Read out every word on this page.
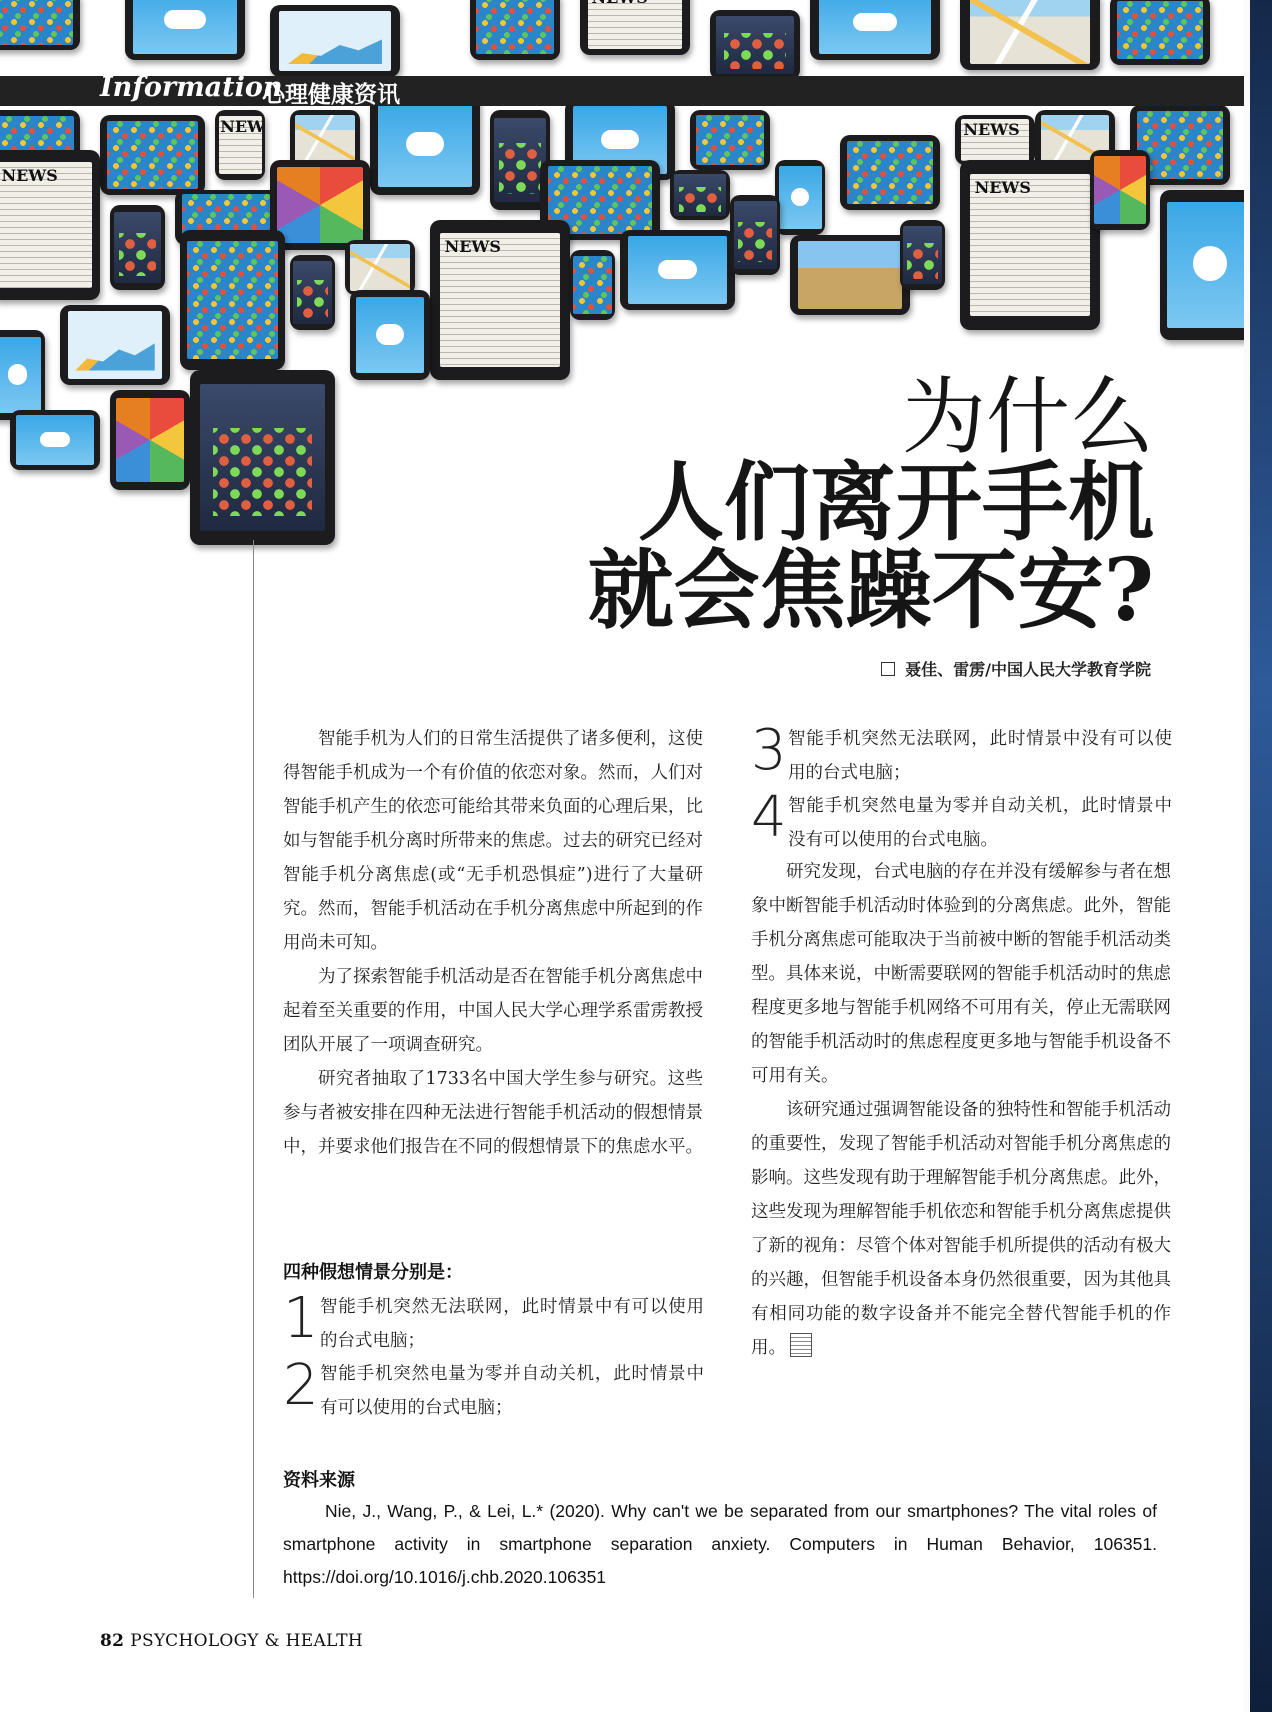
NEWS
NEWS
NEWS
NEWS
NEWS
NEWS
Information
心理健康资讯
为什么
人们离开手机
就会焦躁不安?
聂佳、雷雳/中国人民大学教育学院

智能手机为人们的日常生活提供了诸多便利，这使得智能手机成为一个有价值的依恋对象。然而，人们对智能手机产生的依恋可能给其带来负面的心理后果，比如与智能手机分离时所带来的焦虑。过去的研究已经对智能手机分离焦虑(或“无手机恐惧症”)进行了大量研究。然而，智能手机活动在手机分离焦虑中所起到的作用尚未可知。

为了探索智能手机活动是否在智能手机分离焦虑中起着至关重要的作用，中国人民大学心理学系雷雳教授团队开展了一项调查研究。

研究者抽取了1733名中国大学生参与研究。这些参与者被安排在四种无法进行智能手机活动的假想情景中，并要求他们报告在不同的假想情景下的焦虑水平。

四种假想情景分别是：
1 智能手机突然无法联网，此时情景中有可以使用的台式电脑；
2 智能手机突然电量为零并自动关机，此时情景中有可以使用的台式电脑；
3 智能手机突然无法联网，此时情景中没有可以使用的台式电脑；
4 智能手机突然电量为零并自动关机，此时情景中没有可以使用的台式电脑。

研究发现，台式电脑的存在并没有缓解参与者在想象中断智能手机活动时体验到的分离焦虑。此外，智能手机分离焦虑可能取决于当前被中断的智能手机活动类型。具体来说，中断需要联网的智能手机活动时的焦虑程度更多地与智能手机网络不可用有关，停止无需联网的智能手机活动时的焦虑程度更多地与智能手机设备不可用有关。

该研究通过强调智能设备的独特性和智能手机活动的重要性，发现了智能手机活动对智能手机分离焦虑的影响。这些发现有助于理解智能手机分离焦虑。此外，这些发现为理解智能手机依恋和智能手机分离焦虑提供了新的视角：尽管个体对智能手机所提供的活动有极大的兴趣，但智能手机设备本身仍然很重要，因为其他具有相同功能的数字设备并不能完全替代智能手机的作用。

资料来源
Nie, J., Wang, P., & Lei, L.* (2020). Why can't we be separated from our smartphones? The vital roles of smartphone activity in smartphone separation anxiety. Computers in Human Behavior, 106351. https://doi.org/10.1016/j.chb.2020.106351
82 PSYCHOLOGY & HEALTH
